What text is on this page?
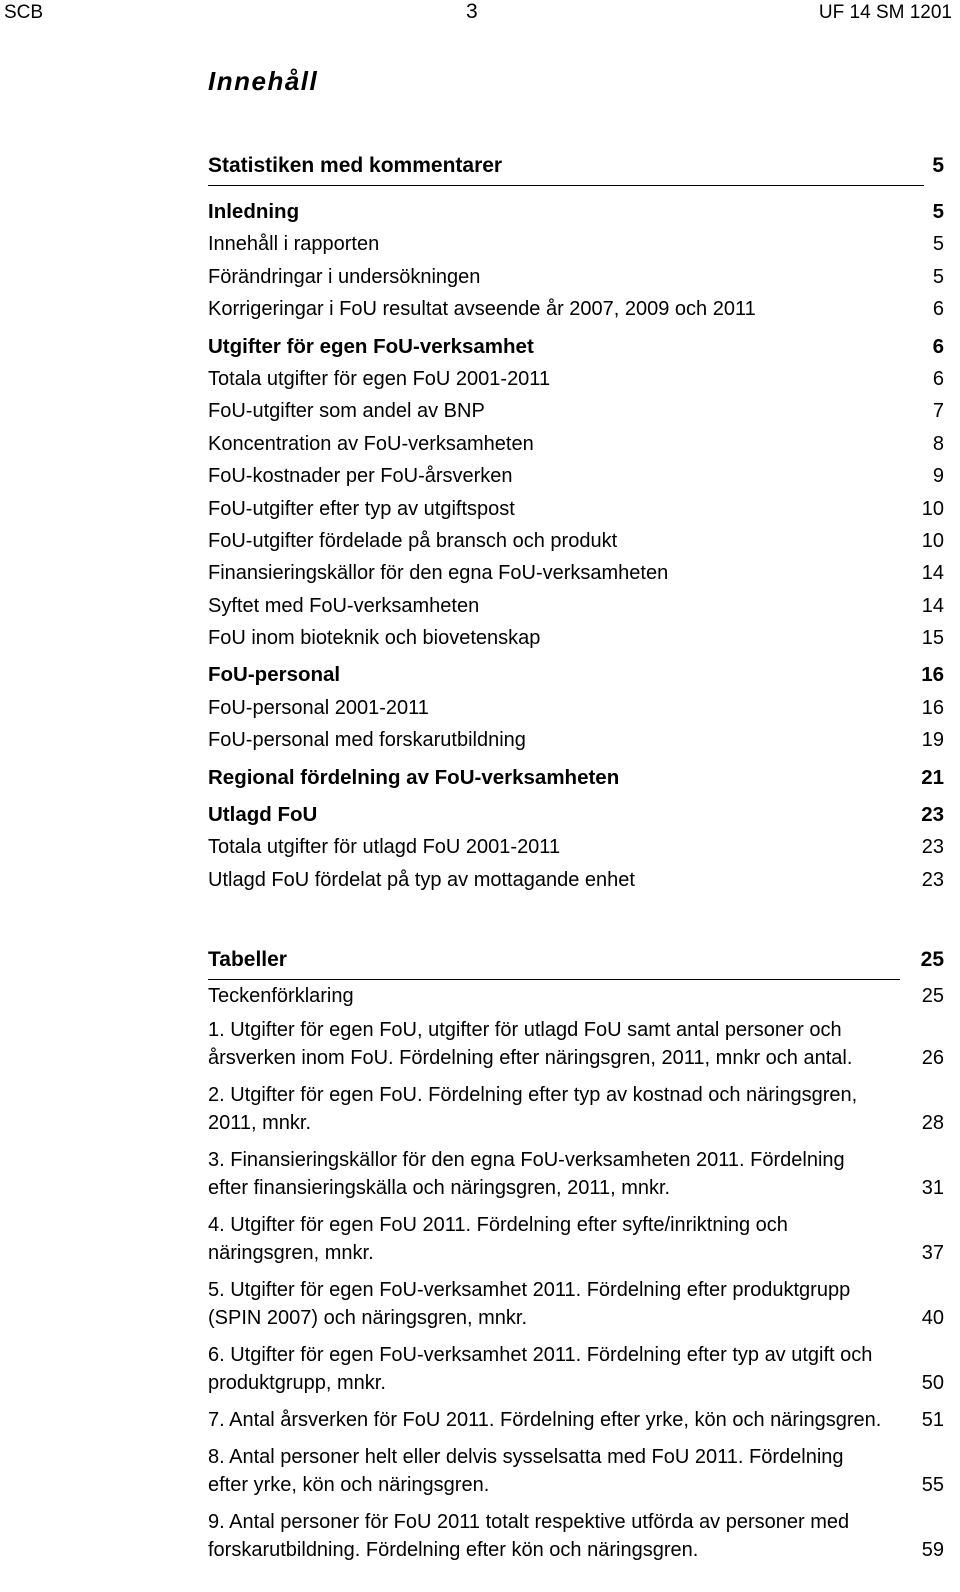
SCB	3	UF 14 SM 1201
Innehåll
Statistiken med kommentarer	5
Inledning	5
Innehåll i rapporten	5
Förändringar i undersökningen	5
Korrigeringar i FoU resultat avseende år 2007, 2009 och 2011	6
Utgifter för egen FoU-verksamhet	6
Totala utgifter för egen FoU 2001-2011	6
FoU-utgifter som andel av BNP	7
Koncentration av FoU-verksamheten	8
FoU-kostnader per FoU-årsverken	9
FoU-utgifter efter typ av utgiftspost	10
FoU-utgifter fördelade på bransch och produkt	10
Finansieringskällor för den egna FoU-verksamheten	14
Syftet med FoU-verksamheten	14
FoU inom bioteknik och biovetenskap	15
FoU-personal	16
FoU-personal 2001-2011	16
FoU-personal med forskarutbildning	19
Regional fördelning av FoU-verksamheten	21
Utlagd FoU	23
Totala utgifter för utlagd FoU 2001-2011	23
Utlagd FoU fördelat på typ av mottagande enhet	23
Tabeller	25
Teckenförklaring	25
1. Utgifter för egen FoU, utgifter för utlagd FoU samt antal personer och årsverken inom FoU. Fördelning efter näringsgren, 2011, mnkr och antal.	26
2. Utgifter för egen FoU. Fördelning efter typ av kostnad och näringsgren, 2011, mnkr.	28
3. Finansieringskällor för den egna FoU-verksamheten 2011. Fördelning efter finansieringskälla och näringsgren, 2011, mnkr.	31
4. Utgifter för egen FoU 2011. Fördelning efter syfte/inriktning och näringsgren, mnkr.	37
5. Utgifter för egen FoU-verksamhet 2011. Fördelning efter produktgrupp (SPIN 2007) och näringsgren, mnkr.	40
6. Utgifter för egen FoU-verksamhet 2011. Fördelning efter typ av utgift och produktgrupp, mnkr.	50
7. Antal årsverken för FoU 2011. Fördelning efter yrke, kön och näringsgren. 51
8. Antal personer helt eller delvis sysselsatta med FoU 2011. Fördelning efter yrke, kön och näringsgren.	55
9. Antal personer för FoU 2011 totalt respektive utförda av personer med forskarutbildning. Fördelning efter kön och näringsgren.	59
